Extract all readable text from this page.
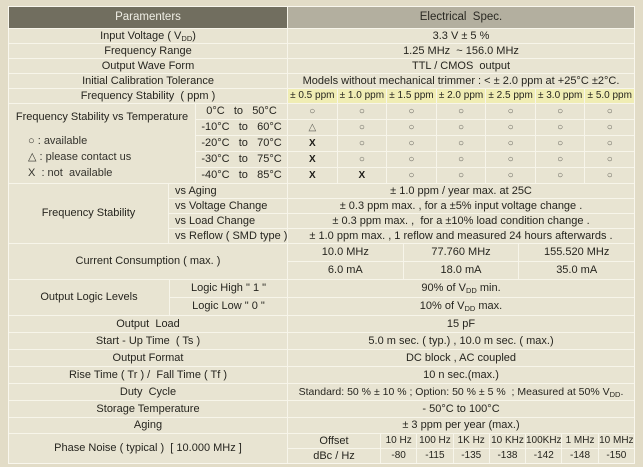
Paramenters	Electrical  Spec.
Input Voltage ( V DD )	3.3 V ± 5 %
Frequency Range	1.25 MHz  ~ 156.0 MHz
Output Wave Form	TTL / CMOS  output
Initial Calibration Tolerance	Models without mechanical trimmer : < ± 2.0 ppm at +25°C ±2°C.
Frequency Stability  ( ppm )	± 0.5 ppm ± 1.0 ppm ± 1.5 ppm ± 2.0 ppm ± 2.5 ppm ± 3.0 ppm ± 5.0 ppm
Frequency Stability vs Temperature
○ : available
△ : please contact us
X  : not  available
0°C   to   50°C	○	○	○	○	○	○	○
-10°C   to   60°C	△	○	○	○	○	○	○
-20°C   to   70°C	X	○	○	○	○	○	○
-30°C   to   75°C	X	○	○	○	○	○	○
-40°C   to   85°C	X	X	○	○	○	○	○
Frequency Stability
vs Aging	± 1.0 ppm / year max. at 25C
vs Voltage Change	± 0.3 ppm max. , for a ±5% input voltage change .
vs Load Change	± 0.3 ppm max. ,  for a ±10% load condition change .
vs Reflow ( SMD type )	± 1.0 ppm max. , 1 reflow and measured 24 hours afterwards .
Current Consumption ( max. )
10.0 MHz	77.760 MHz	155.520 MHz
6.0 mA	18.0 mA	35.0 mA
Output Logic Levels
Logic High " 1 "	90% of V DD min.
Logic Low " 0 "	10% of V DD max.
Output  Load	15 pF
Start - Up Time  ( Ts )	5.0 m sec. ( typ.) , 10.0 m sec. ( max.)
Output Format	DC block , AC coupled
Rise Time ( Tr ) /  Fall Time ( Tf )	10 n sec.(max.)
Duty  Cycle	Standard: 50 % ± 10 % ; Option: 50 % ± 5 %  ; Measured at 50% V DD .
Storage Temperature	- 50°C to 100°C
Aging	± 3 ppm per year (max.)
Phase Noise ( typical )  [ 10.000 MHz ]
Offset	10 Hz 100 Hz 1K Hz 10 KHz 100KHz 1 MHz 10 MHz
dBc / Hz	-80	-115	-135	-138	-142	-148	-150
